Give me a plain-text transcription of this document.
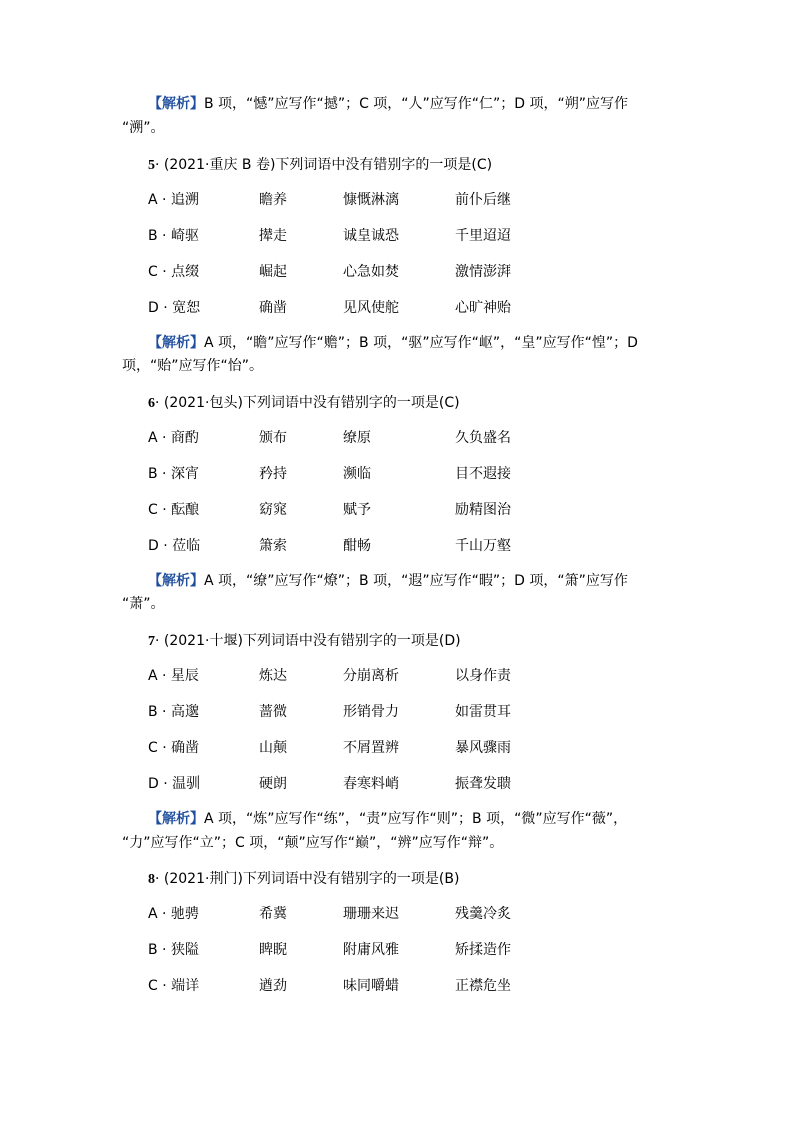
【解析】B 项，“憾”应写作“撼”；C 项，“人”应写作“仁”；D 项，“朔”应写作
“溯”。
5· (2021·重庆 B 卷)下列词语中没有错别字的一项是(C)
A · 追溯	瞻养	慷慨淋漓	前仆后继
B · 崎驱	撵走	诚皇诚恐	千里迢迢
C · 点缀	崛起	心急如焚	激情澎湃
D · 宽恕	确凿	见风使舵	心旷神贻
【解析】A 项，“瞻”应写作“赡”；B 项，“驱”应写作“岖”，“皇”应写作“惶”；D
项，“贻”应写作“怡”。
6· (2021·包头)下列词语中没有错别字的一项是(C)
A · 商酌	颁布	缭原	久负盛名
B · 深宵	矜持	濒临	目不遐接
C · 酝酿	窈窕	赋予	励精图治
D · 莅临	箫索	酣畅	千山万壑
【解析】A 项，“缭”应写作“燎”；B 项，“遐”应写作“暇”；D 项，“箫”应写作
“萧”。
7· (2021·十堰)下列词语中没有错别字的一项是(D)
A · 星辰	炼达	分崩离析	以身作责
B · 高邈	蔷微	形销骨力	如雷贯耳
C · 确凿	山颠	不屑置辨	暴风骤雨
D · 温驯	硬朗	春寒料峭	振聋发聩
【解析】A 项，“炼”应写作“练”，“责”应写作“则”；B 项，“微”应写作“薇”，
“力”应写作“立”；C 项，“颠”应写作“巅”，“辨”应写作“辩”。
8· (2021·荆门)下列词语中没有错别字的一项是(B)
A · 驰骋	希冀	珊珊来迟	残羹冷炙
B · 狭隘	睥睨	附庸风雅	矫揉造作
C · 端详	遒劲	味同嚼蜡	正襟危坐
